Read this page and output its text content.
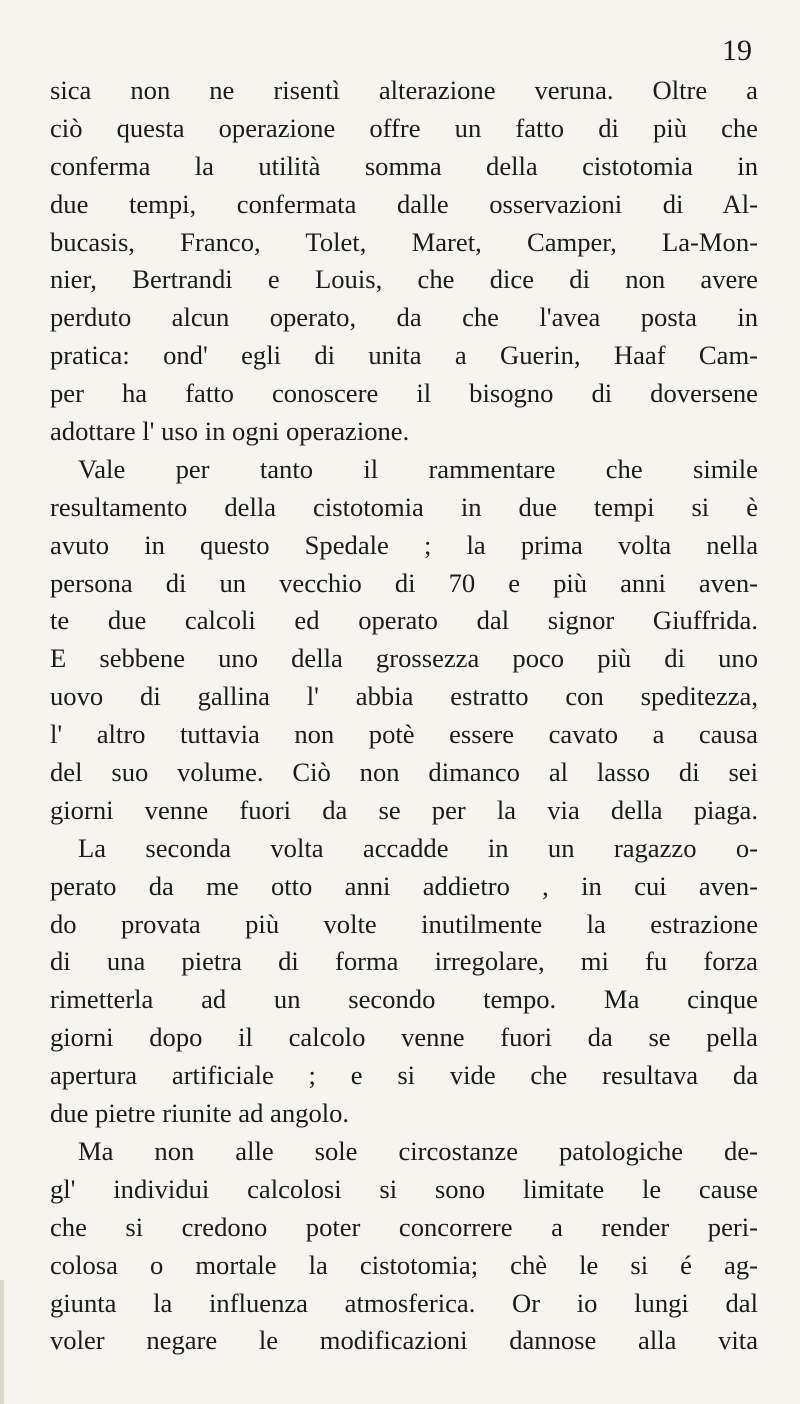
19
sica non ne risentì alterazione veruna. Oltre a
ciò questa operazione offre un fatto di più che
conferma la utilità somma della cistotomia in
due tempi, confermata dalle osservazioni di Al-
bucasis, Franco, Tolet, Maret, Camper, La-Mon-
nier, Bertrandi e Louis, che dice di non avere
perduto alcun operato, da che l'avea posta in
pratica: ond' egli di unita a Guerin, Haaf Cam-
per ha fatto conoscere il bisogno di doversene
adottare l' uso in ogni operazione.
Vale per tanto il rammentare che simile
resultamento della cistotomia in due tempi si è
avuto in questo Spedale ; la prima volta nella
persona di un vecchio di 70 e più anni aven-
te due calcoli ed operato dal signor Giuffrida.
E sebbene uno della grossezza poco più di uno
uovo di gallina l' abbia estratto con speditezza,
l' altro tuttavia non potè essere cavato a causa
del suo volume. Ciò non dimanco al lasso di sei
giorni venne fuori da se per la via della piaga.
La seconda volta accadde in un ragazzo o-
perato da me otto anni addietro , in cui aven-
do provata più volte inutilmente la estrazione
di una pietra di forma irregolare, mi fu forza
rimetterla ad un secondo tempo. Ma cinque
giorni dopo il calcolo venne fuori da se pella
apertura artificiale ; e si vide che resultava da
due pietre riunite ad angolo.
Ma non alle sole circostanze patologiche de-
gl' individui calcolosi si sono limitate le cause
che si credono poter concorrere a render peri-
colosa o mortale la cistotomia; chè le si é ag-
giunta la influenza atmosferica. Or io lungi dal
voler negare le modificazioni dannose alla vita
